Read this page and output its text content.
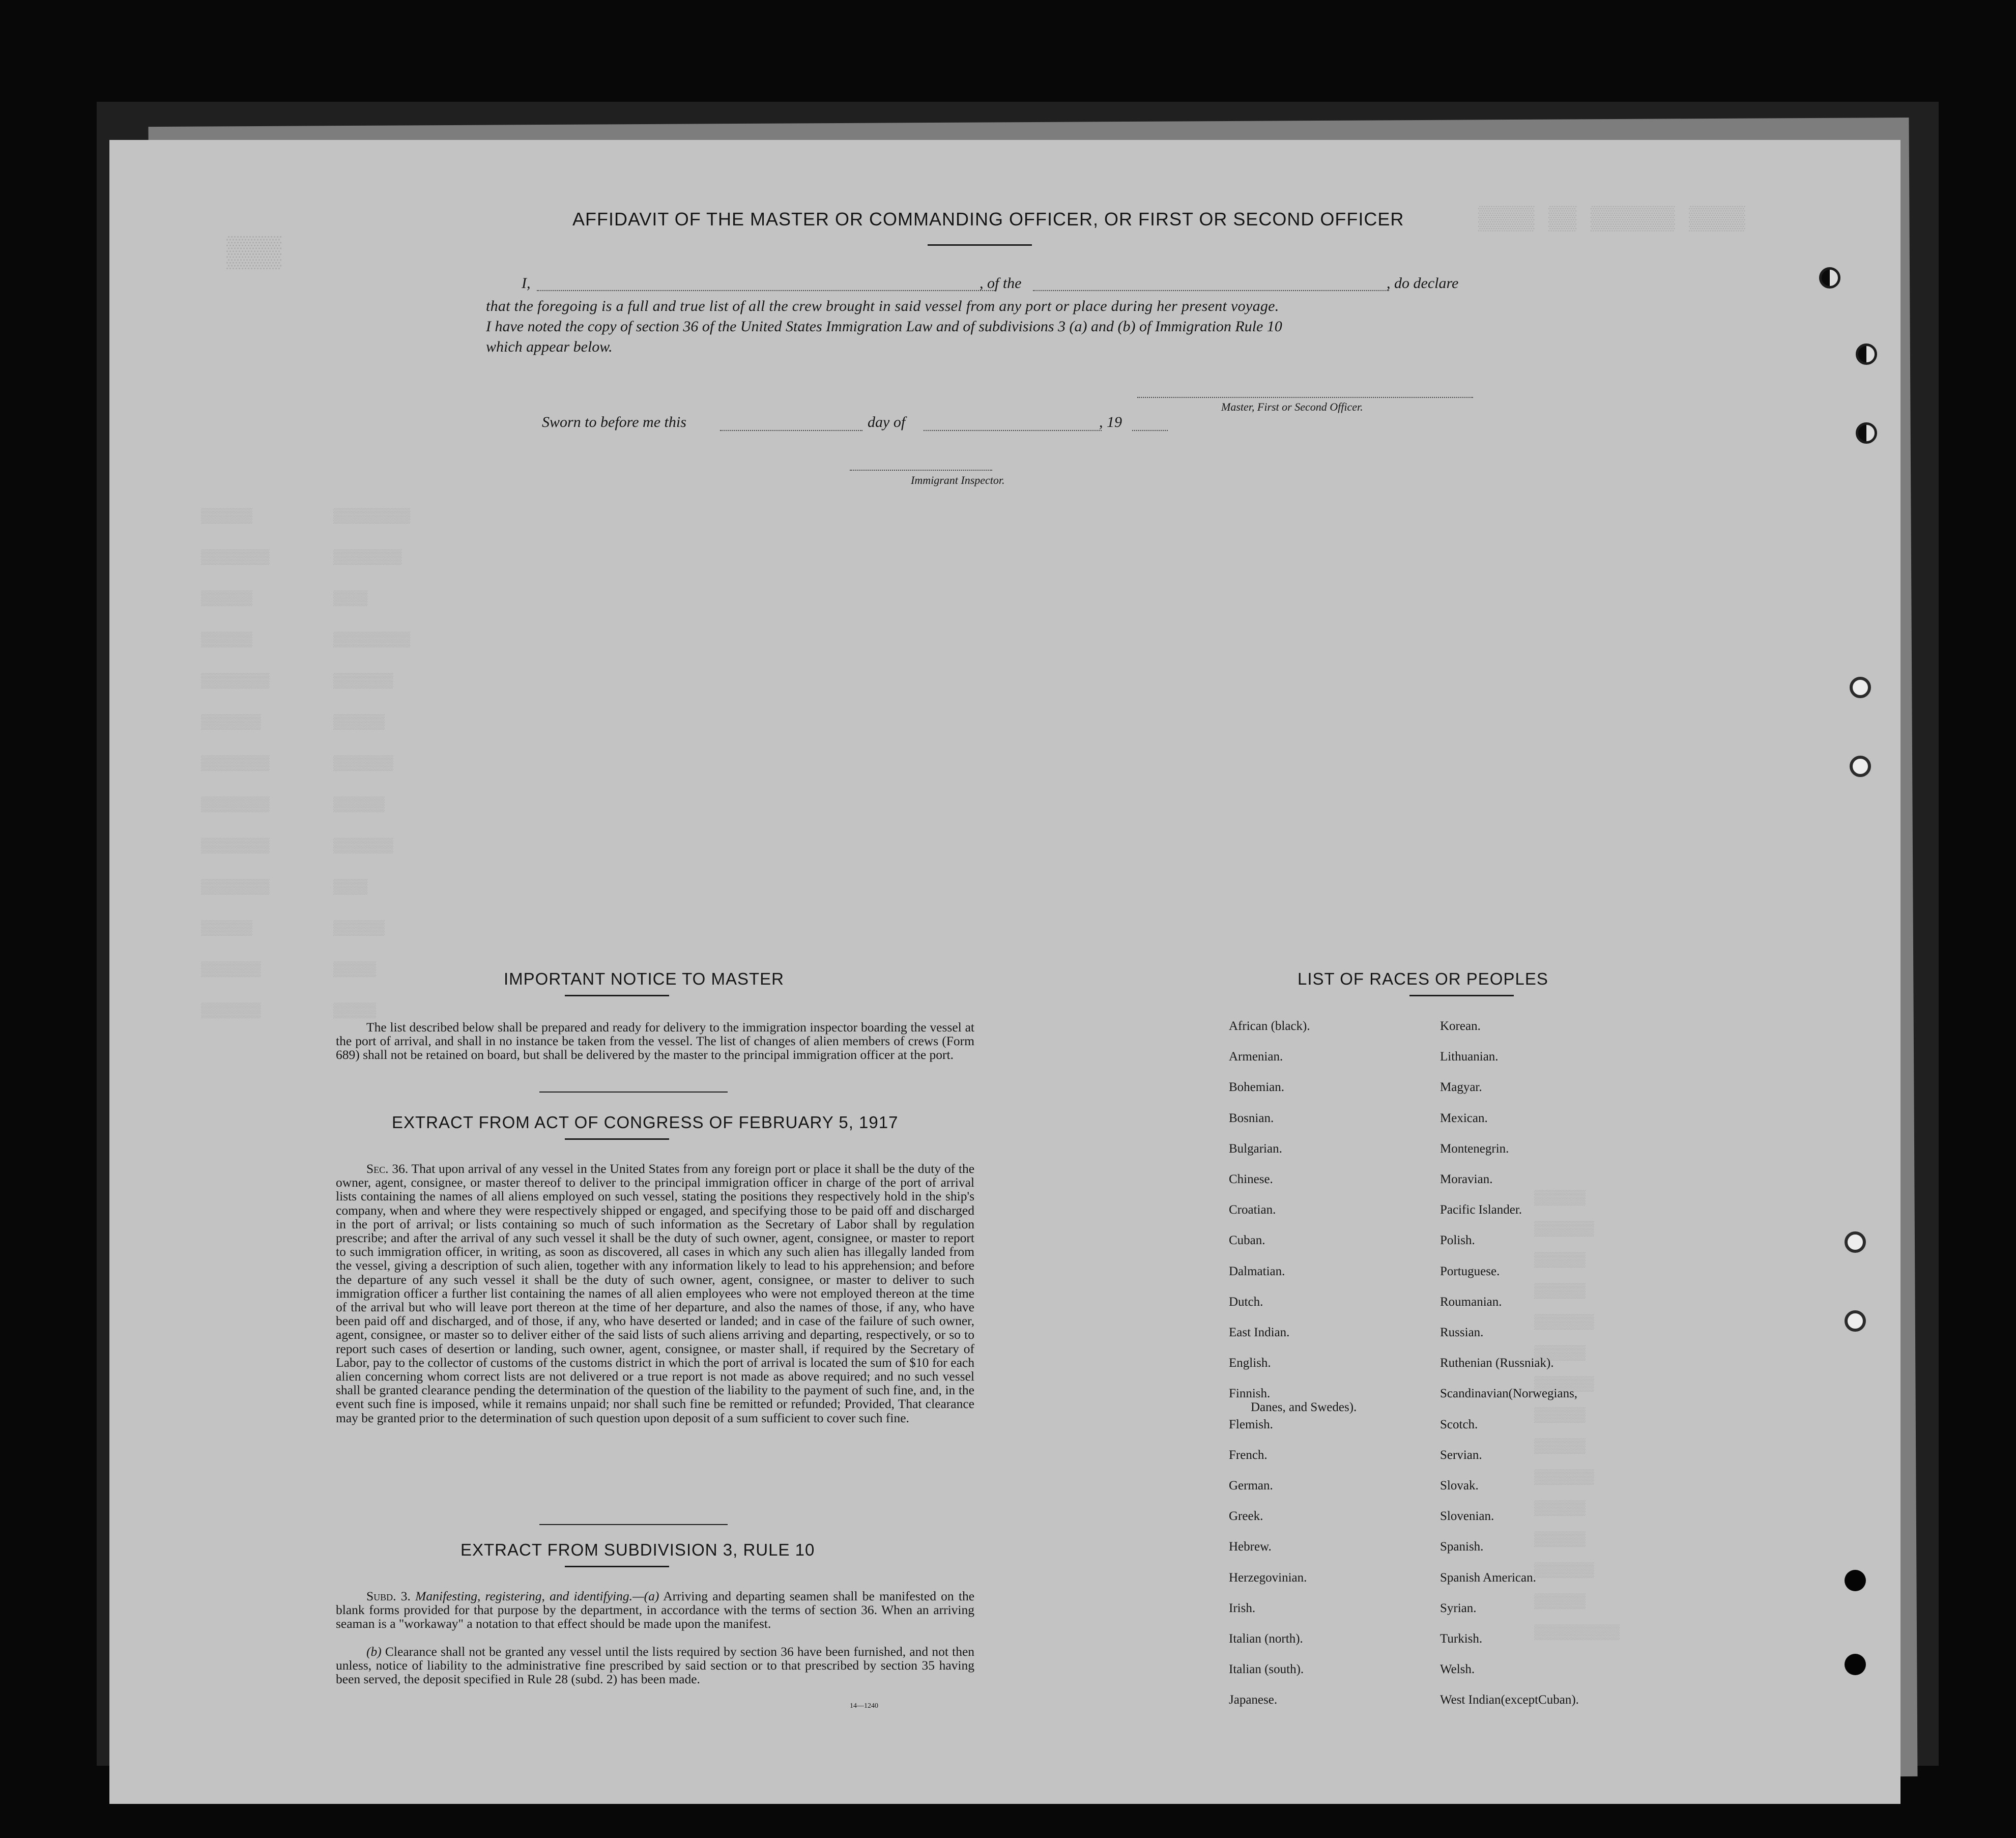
▒▒▒▒ ▒▒ ▒▒▒▒▒▒ ▒▒▒▒
▒▒▒
▒▒▒▒▒▒
▒▒▒▒▒▒▒▒
▒▒▒▒▒▒
▒▒▒▒▒▒
▒▒▒▒▒▒▒▒
▒▒▒▒▒▒▒
▒▒▒▒▒▒▒▒
▒▒▒▒▒▒▒▒
▒▒▒▒▒▒▒▒
▒▒▒▒▒▒▒▒
▒▒▒▒▒▒
▒▒▒▒▒▒▒
▒▒▒▒▒▒▒
▒▒▒▒▒▒▒▒▒
▒▒▒▒▒▒▒▒
▒▒▒▒
▒▒▒▒▒▒▒▒▒
▒▒▒▒▒▒▒
▒▒▒▒▒▒
▒▒▒▒▒▒▒
▒▒▒▒▒▒
▒▒▒▒▒▒▒
▒▒▒▒
▒▒▒▒▒▒
▒▒▒▒▒
▒▒▒▒▒
▒▒▒▒▒▒
▒▒▒▒▒▒▒
▒▒▒▒▒▒
▒▒▒▒▒▒
▒▒▒▒▒▒▒
▒▒▒▒▒▒
▒▒▒▒▒▒▒
▒▒▒▒▒▒
▒▒▒▒▒▒
▒▒▒▒▒▒▒
▒▒▒▒▒▒
▒▒▒▒▒▒
▒▒▒▒▒▒▒
▒▒▒▒▒▒
▒▒▒▒▒▒▒▒▒▒
AFFIDAVIT OF THE MASTER OR COMMANDING OFFICER, OR FIRST OR SECOND OFFICER
I,	, of the	, do declare
that the foregoing is a full and true list of all the crew brought in said vessel from any port or place during her present voyage.
I have noted the copy of section 36 of the United States Immigration Law and of subdivisions 3 (a) and (b) of Immigration Rule 10
which appear below.
Master, First or Second Officer.
Sworn to before me this	day of	, 19
Immigrant Inspector.
IMPORTANT NOTICE TO MASTER
The list described below shall be prepared and ready for delivery to the immigration inspector boarding the vessel at the port of arrival, and shall in no instance be taken from the vessel. The list of changes of alien members of crews (Form 689) shall not be retained on board, but shall be delivered by the master to the principal immigration officer at the port.
EXTRACT FROM ACT OF CONGRESS OF FEBRUARY 5, 1917
Sec. 36. That upon arrival of any vessel in the United States from any foreign port or place it shall be the duty of the owner, agent, consignee, or master thereof to deliver to the principal immigration officer in charge of the port of arrival lists containing the names of all aliens employed on such vessel, stating the positions they respectively hold in the ship's company, when and where they were respectively shipped or engaged, and specifying those to be paid off and discharged in the port of arrival; or lists containing so much of such information as the Secretary of Labor shall by regulation prescribe; and after the arrival of any such vessel it shall be the duty of such owner, agent, consignee, or master to report to such immigration officer, in writing, as soon as discovered, all cases in which any such alien has illegally landed from the vessel, giving a description of such alien, together with any information likely to lead to his apprehension; and before the departure of any such vessel it shall be the duty of such owner, agent, consignee, or master to deliver to such immigration officer a further list containing the names of all alien employees who were not employed thereon at the time of the arrival but who will leave port thereon at the time of her departure, and also the names of those, if any, who have been paid off and discharged, and of those, if any, who have deserted or landed; and in case of the failure of such owner, agent, consignee, or master so to deliver either of the said lists of such aliens arriving and departing, respectively, or so to report such cases of desertion or landing, such owner, agent, consignee, or master shall, if required by the Secretary of Labor, pay to the collector of customs of the customs district in which the port of arrival is located the sum of $10 for each alien concerning whom correct lists are not delivered or a true report is not made as above required; and no such vessel shall be granted clearance pending the determination of the question of the liability to the payment of such fine, and, in the event such fine is imposed, while it remains unpaid; nor shall such fine be remitted or refunded; Provided, That clearance may be granted prior to the determination of such question upon deposit of a sum sufficient to cover such fine.
EXTRACT FROM SUBDIVISION 3, RULE 10
Subd. 3. Manifesting, registering, and identifying.—(a) Arriving and departing seamen shall be manifested on the blank forms provided for that purpose by the department, in accordance with the terms of section 36. When an arriving seaman is a "workaway" a notation to that effect should be made upon the manifest.
(b) Clearance shall not be granted any vessel until the lists required by section 36 have been furnished, and not then unless, notice of liability to the administrative fine prescribed by said section or to that prescribed by section 35 having been served, the deposit specified in Rule 28 (subd. 2) has been made.
14—1240
LIST OF RACES OR PEOPLES
African (black).
Armenian.
Bohemian.
Bosnian.
Bulgarian.
Chinese.
Croatian.
Cuban.
Dalmatian.
Dutch.
East Indian.
English.
Finnish.
Flemish.
French.
German.
Greek.
Hebrew.
Herzegovinian.
Irish.
Italian (north).
Italian (south).
Japanese.
Korean.
Lithuanian.
Magyar.
Mexican.
Montenegrin.
Moravian.
Pacific Islander.
Polish.
Portuguese.
Roumanian.
Russian.
Ruthenian (Russniak).
Scandinavian(Norwegians,
Danes, and Swedes).
Scotch.
Servian.
Slovak.
Slovenian.
Spanish.
Spanish American.
Syrian.
Turkish.
Welsh.
West Indian(exceptCuban).
